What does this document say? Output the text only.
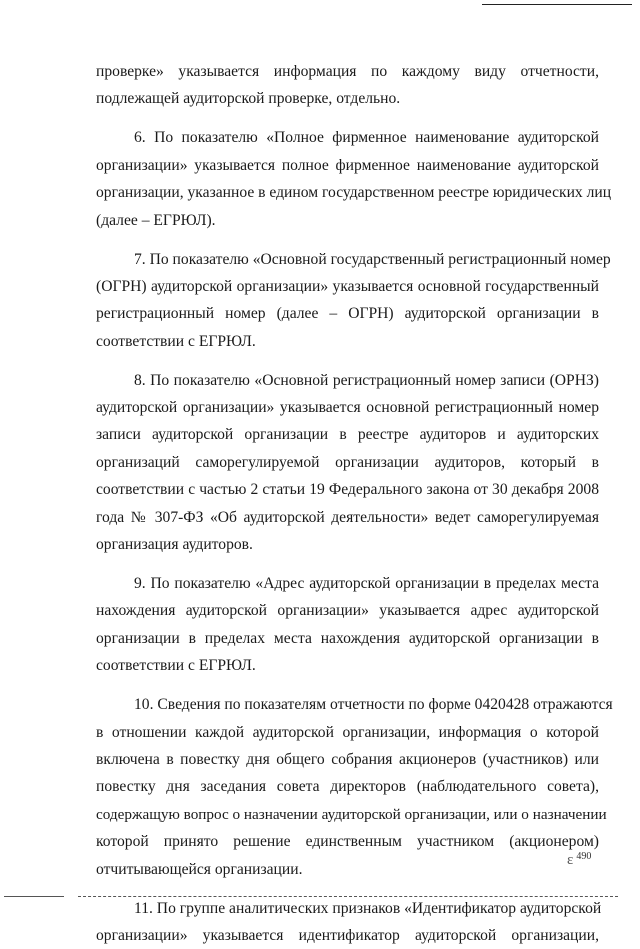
проверке» указывается информация по каждому виду отчетности,
подлежащей аудиторской проверке, отдельно.
6. По показателю «Полное фирменное наименование аудиторской
организации» указывается полное фирменное наименование аудиторской
организации, указанное в едином государственном реестре юридических лиц
(далее – ЕГРЮЛ).
7. По показателю «Основной государственный регистрационный номер
(ОГРН) аудиторской организации» указывается основной государственный
регистрационный номер (далее – ОГРН) аудиторской организации в
соответствии с ЕГРЮЛ.
8. По показателю «Основной регистрационный номер записи (ОРНЗ)
аудиторской организации» указывается основной регистрационный номер
записи аудиторской организации в реестре аудиторов и аудиторских
организаций саморегулируемой организации аудиторов, который в
соответствии с частью 2 статьи 19 Федерального закона от 30 декабря 2008
года № 307-ФЗ «Об аудиторской деятельности» ведет саморегулируемая
организация аудиторов.
9. По показателю «Адрес аудиторской организации в пределах места
нахождения аудиторской организации» указывается адрес аудиторской
организации в пределах места нахождения аудиторской организации в
соответствии с ЕГРЮЛ.
10. Сведения по показателям отчетности по форме 0420428 отражаются
в отношении каждой аудиторской организации, информация о которой
включена в повестку дня общего собрания акционеров (участников) или
повестку дня заседания совета директоров (наблюдательного совета),
содержащую вопрос о назначении аудиторской организации, или о назначении
которой принято решение единственным участником (акционером)
отчитывающейся организации.
11. По группе аналитических признаков «Идентификатор аудиторской
организации» указывается идентификатор аудиторской организации,
ε $^{490}$
